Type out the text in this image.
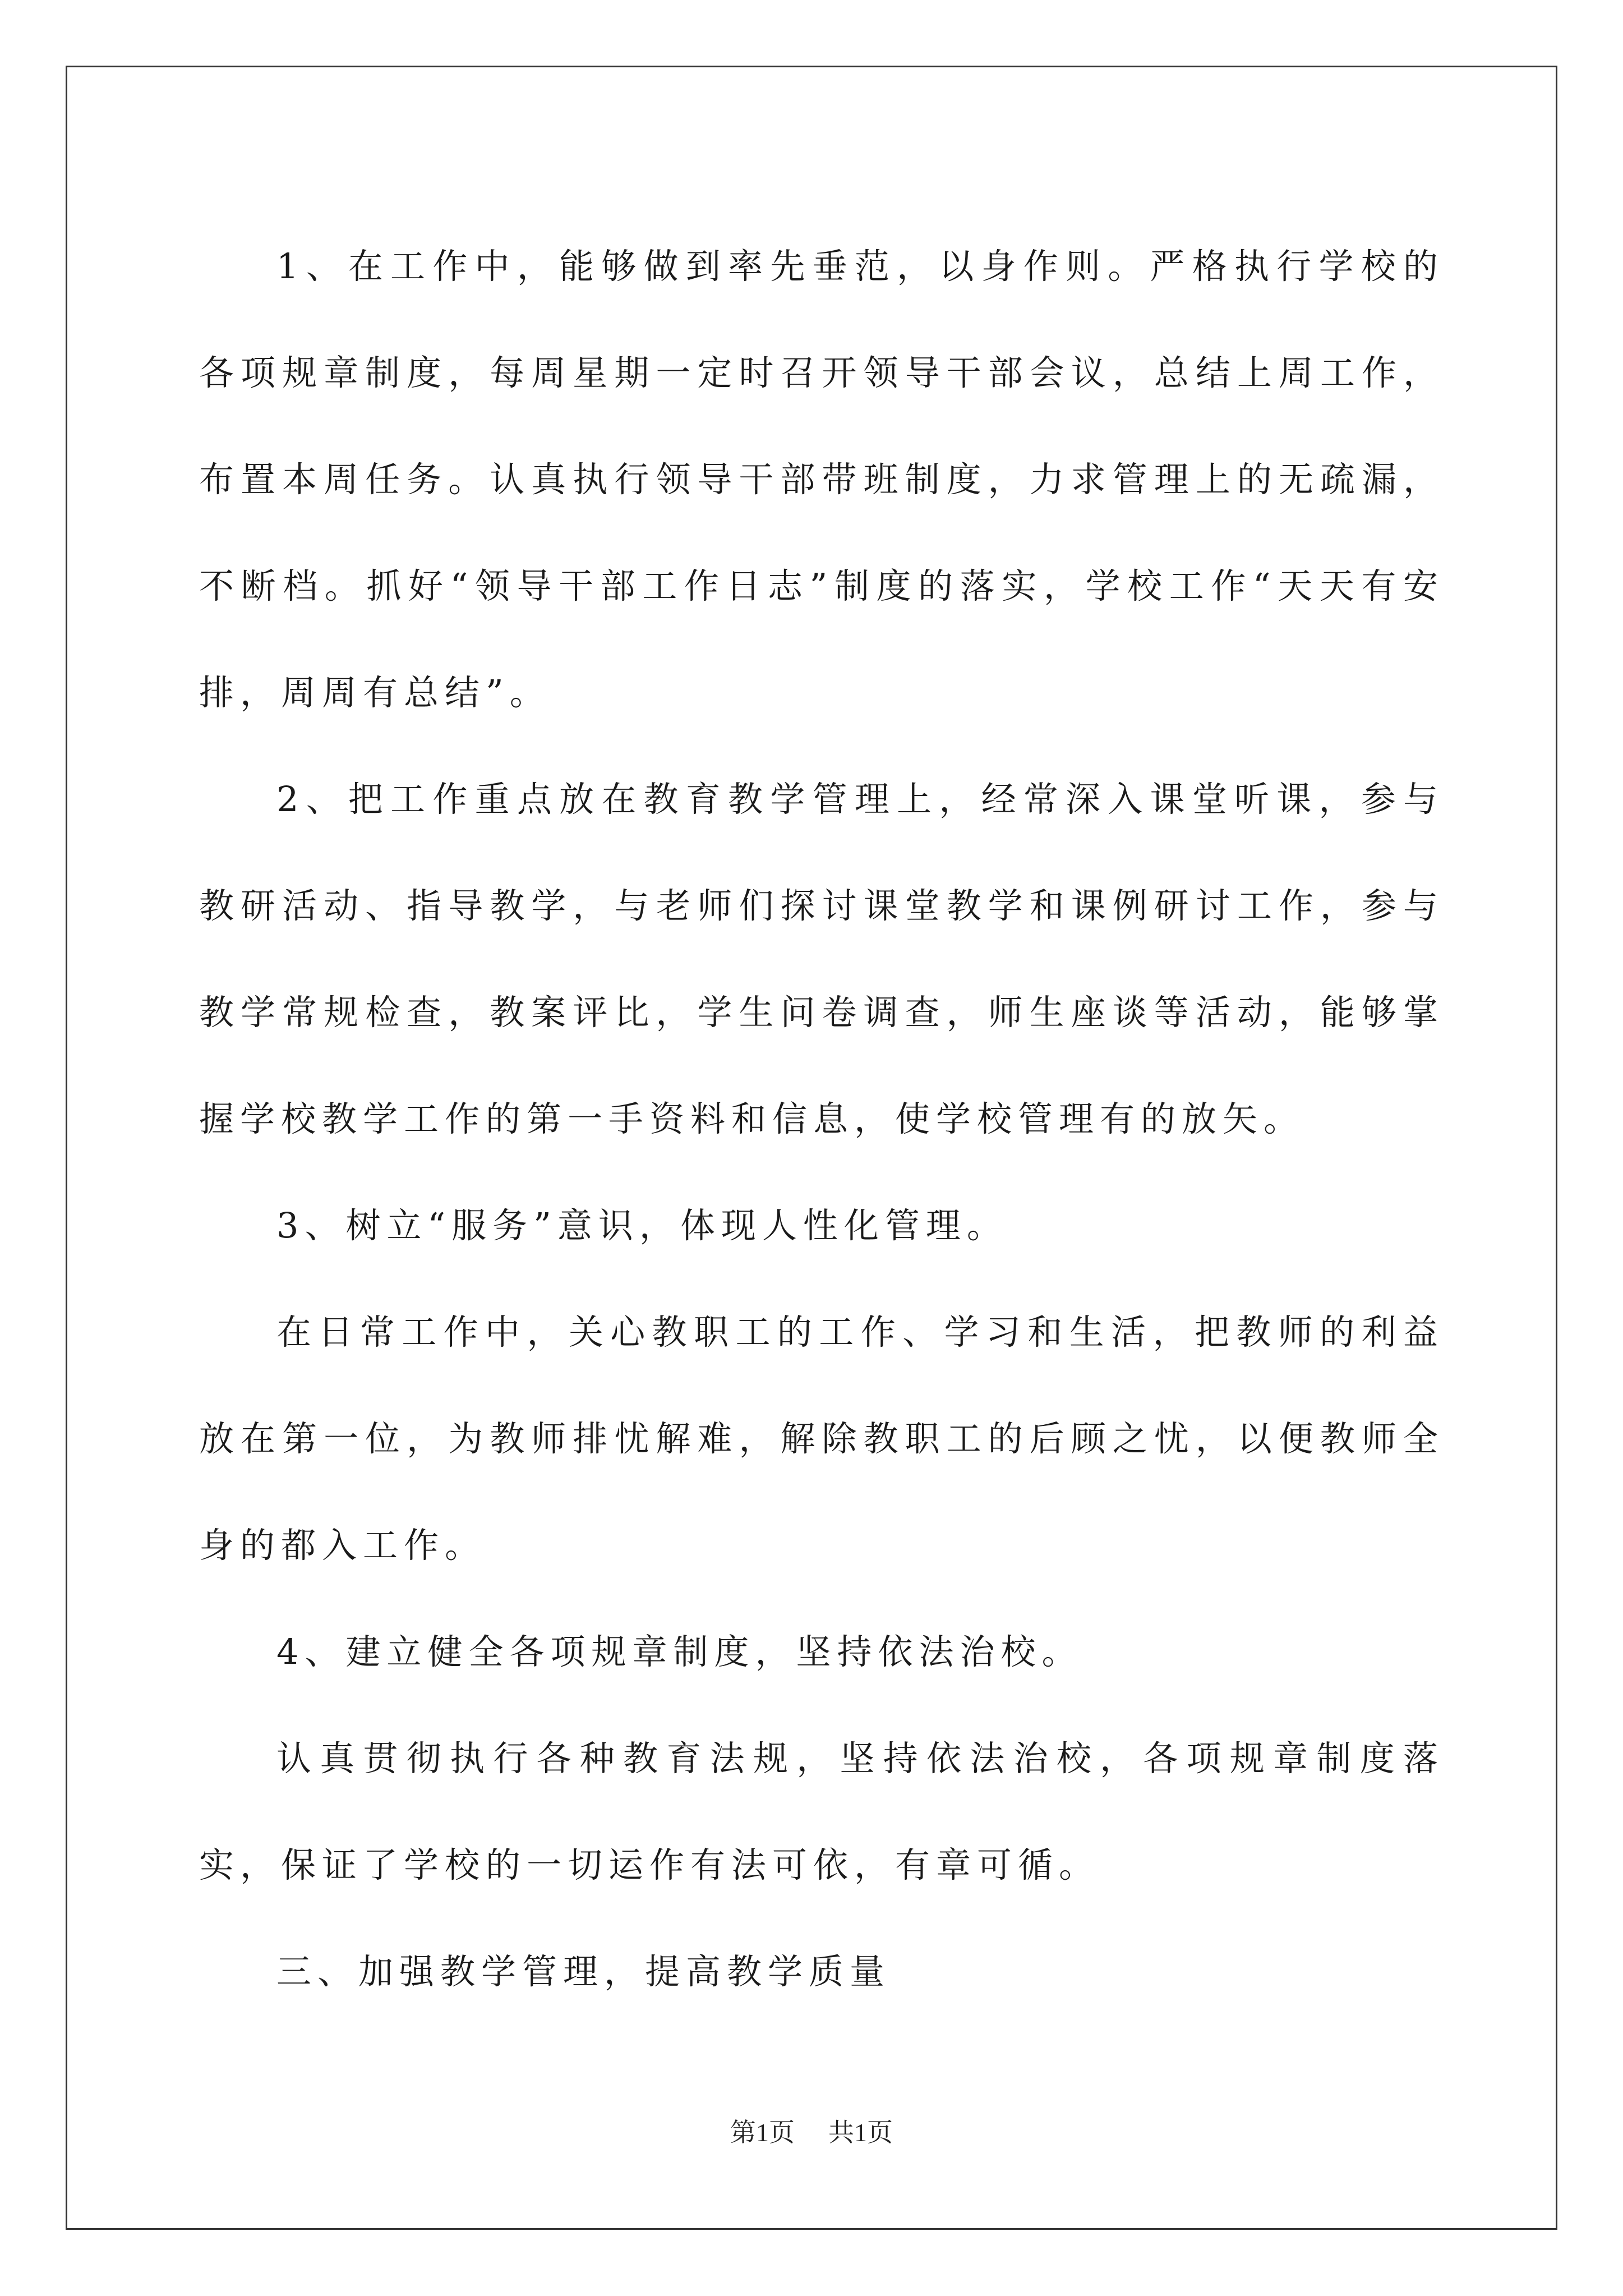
1、在工作中，能够做到率先垂范，以身作则。严格执行学校的各项规章制度，每周星期一定时召开领导干部会议，总结上周工作，布置本周任务。认真执行领导干部带班制度，力求管理上的无疏漏，不断档。抓好“领导干部工作日志”制度的落实，学校工作“天天有安排，周周有总结”。

2、把工作重点放在教育教学管理上，经常深入课堂听课，参与教研活动、指导教学，与老师们探讨课堂教学和课例研讨工作，参与教学常规检查，教案评比，学生问卷调查，师生座谈等活动，能够掌握学校教学工作的第一手资料和信息，使学校管理有的放矢。

3、树立“服务”意识，体现人性化管理。

在日常工作中，关心教职工的工作、学习和生活，把教师的利益放在第一位，为教师排忧解难，解除教职工的后顾之忧，以便教师全身的都入工作。

4、建立健全各项规章制度，坚持依法治校。

认真贯彻执行各种教育法规，坚持依法治校，各项规章制度落实，保证了学校的一切运作有法可依，有章可循。

三、加强教学管理，提高教学质量

第1页 共1页
